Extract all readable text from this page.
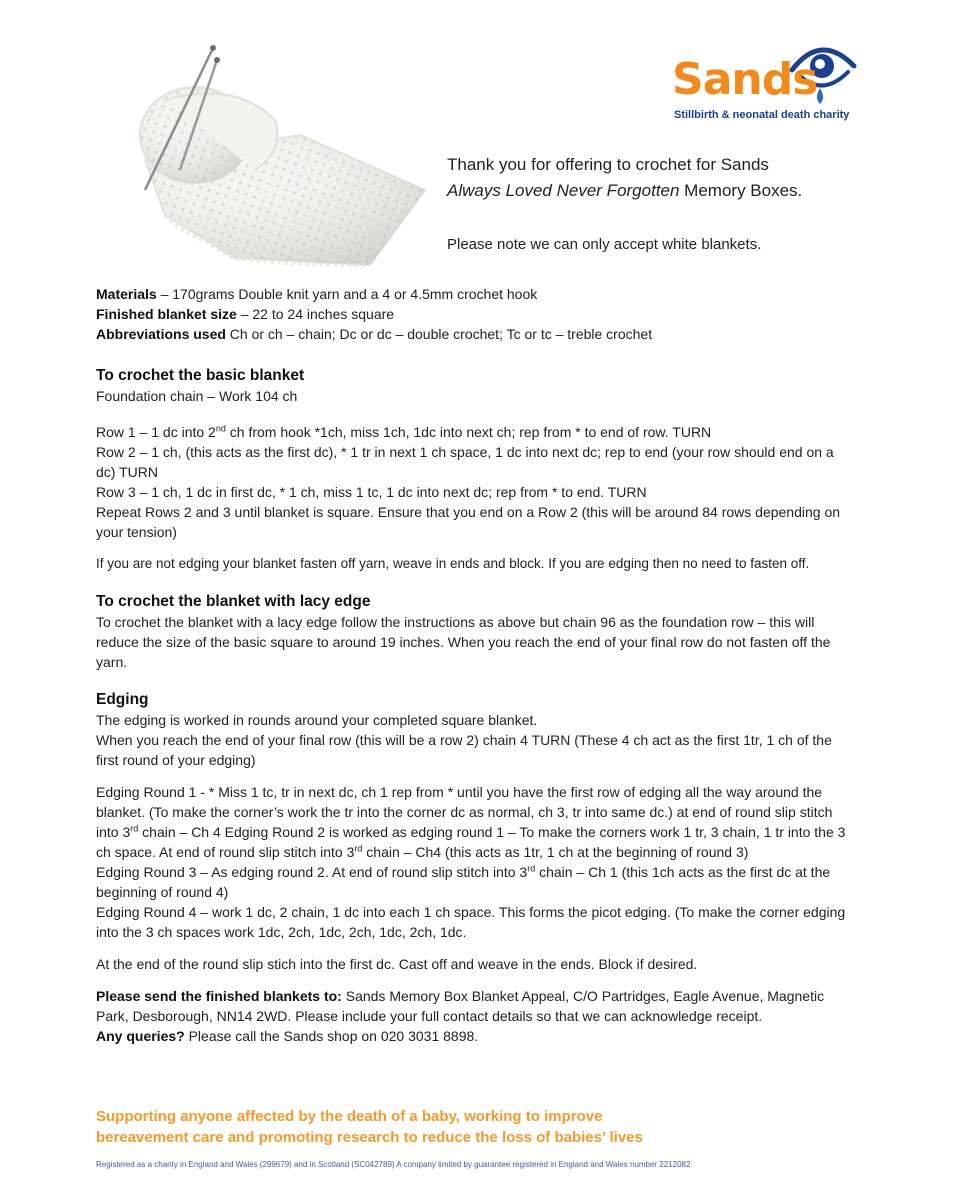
Sands
Stillbirth & neonatal death charity

Thank you for offering to crochet for Sands

Always Loved Never Forgotten Memory Boxes.

Please note we can only accept white blankets.

Materials – 170grams Double knit yarn and a 4 or 4.5mm crochet hook

Finished blanket size – 22 to 24 inches square

Abbreviations used Ch or ch – chain; Dc or dc – double crochet; Tc or tc – treble crochet

To crochet the basic blanket

Foundation chain – Work 104 ch

Row 1 – 1 dc into 2nd ch from hook *1ch, miss 1ch, 1dc into next ch; rep from * to end of row. TURN

Row 2 – 1 ch, (this acts as the first dc), * 1 tr in next 1 ch space, 1 dc into next dc; rep to end (your row should end on a dc) TURN

Row 3 – 1 ch, 1 dc in first dc, * 1 ch, miss 1 tc, 1 dc into next dc; rep from * to end. TURN

Repeat Rows 2 and 3 until blanket is square. Ensure that you end on a Row 2 (this will be around 84 rows depending on your tension)

If you are not edging your blanket fasten off yarn, weave in ends and block. If you are edging then no need to fasten off.

To crochet the blanket with lacy edge

To crochet the blanket with a lacy edge follow the instructions as above but chain 96 as the foundation row – this will reduce the size of the basic square to around 19 inches. When you reach the end of your final row do not fasten off the yarn.

Edging

The edging is worked in rounds around your completed square blanket.

When you reach the end of your final row (this will be a row 2) chain 4 TURN (These 4 ch act as the first 1tr, 1 ch of the first round of your edging)

Edging Round 1 - * Miss 1 tc, tr in next dc, ch 1 rep from * until you have the first row of edging all the way around the blanket. (To make the corner’s work the tr into the corner dc as normal, ch 3, tr into same dc.) at end of round slip stitch into 3rd chain – Ch 4 Edging Round 2 is worked as edging round 1 – To make the corners work 1 tr, 3 chain, 1 tr into the 3 ch space. At end of round slip stitch into 3rd chain – Ch4 (this acts as 1tr, 1 ch at the beginning of round 3)

Edging Round 3 – As edging round 2. At end of round slip stitch into 3rd chain – Ch 1 (this 1ch acts as the first dc at the beginning of round 4)

Edging Round 4 – work 1 dc, 2 chain, 1 dc into each 1 ch space. This forms the picot edging. (To make the corner edging into the 3 ch spaces work 1dc, 2ch, 1dc, 2ch, 1dc, 2ch, 1dc.

At the end of the round slip stich into the first dc. Cast off and weave in the ends. Block if desired.

Please send the finished blankets to: Sands Memory Box Blanket Appeal, C/O Partridges, Eagle Avenue, Magnetic Park, Desborough, NN14 2WD. Please include your full contact details so that we can acknowledge receipt.

Any queries? Please call the Sands shop on 020 3031 8898.

Supporting anyone affected by the death of a baby, working to improve
bereavement care and promoting research to reduce the loss of babies’ lives
Registered as a charity in England and Wales (299679) and in Scotland (SC042789) A company limited by guarantee registered in England and Wales number 2212082
